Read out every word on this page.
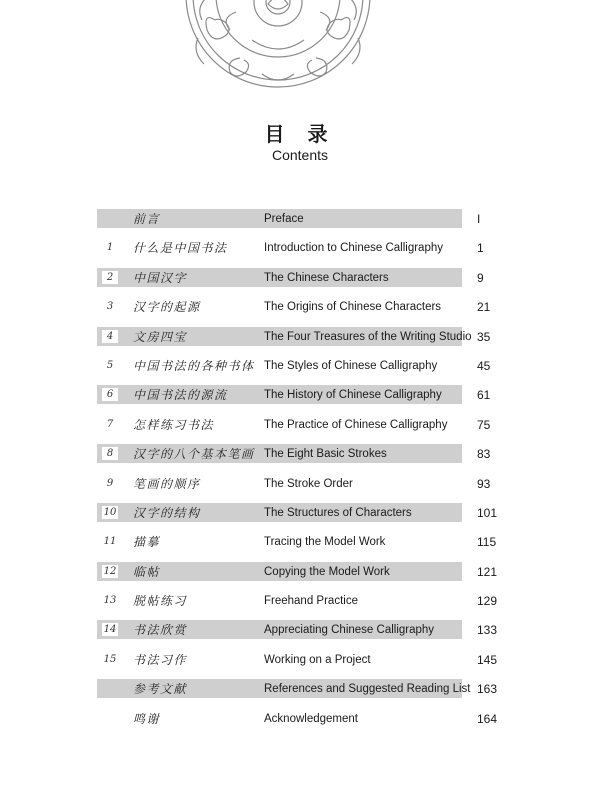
目 录
Contents
前言	Preface	I
1	什么是中国书法	Introduction to Chinese Calligraphy	1
2	中国汉字	The Chinese Characters	9
3	汉字的起源	The Origins of Chinese Characters	21
4	文房四宝	The Four Treasures of the Writing Studio 35
5	中国书法的各种书体 The Styles of Chinese Calligraphy	45
6	中国书法的源流	The History of Chinese Calligraphy	61
7	怎样练习书法	The Practice of Chinese Calligraphy 75
8	汉字的八个基本笔画 The Eight Basic Strokes	83
9	笔画的顺序	The Stroke Order	93
10 汉字的结构	The Structures of Characters	101
11 描摹	Tracing the Model Work	115
12 临帖	Copying the Model Work	121
13 脱帖练习	Freehand Practice	129
14 书法欣赏	Appreciating Chinese Calligraphy	133
15 书法习作	Working on a Project	145
参考文献	References and Suggested Reading List 163
鸣谢	Acknowledgement	164
